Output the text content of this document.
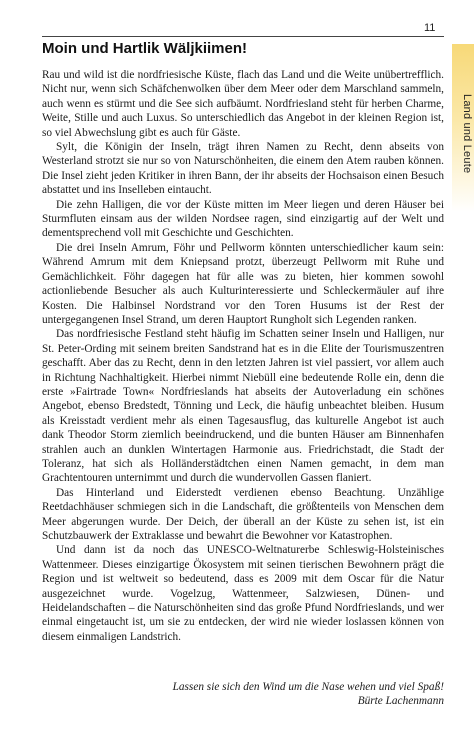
11
Land und Leute
Moin und Hartlik Wäljkiimen!

Rau und wild ist die nordfriesische Küste, flach das Land und die Weite unübertrefflich. Nicht nur, wenn sich Schäfchenwolken über dem Meer oder dem Marschland sammeln, auch wenn es stürmt und die See sich aufbäumt. Nordfriesland steht für herben Charme, Weite, Stille und auch Luxus. So unterschiedlich das Angebot in der kleinen Region ist, so viel Abwechslung gibt es auch für Gäste.

Sylt, die Königin der Inseln, trägt ihren Namen zu Recht, denn abseits von Westerland strotzt sie nur so von Naturschönheiten, die einem den Atem rauben können. Die Insel zieht jeden Kritiker in ihren Bann, der ihr abseits der Hochsaison einen Besuch abstattet und ins Inselleben eintaucht.

Die zehn Halligen, die vor der Küste mitten im Meer liegen und deren Häuser bei Sturmfluten einsam aus der wilden Nordsee ragen, sind einzigartig auf der Welt und dementsprechend voll mit Geschichte und Geschichten.

Die drei Inseln Amrum, Föhr und Pellworm könnten unterschiedlicher kaum sein: Während Amrum mit dem Kniepsand protzt, überzeugt Pellworm mit Ruhe und Gemächlichkeit. Föhr dagegen hat für alle was zu bieten, hier kommen sowohl actionliebende Besucher als auch Kulturinteressierte und Schleckermäuler auf ihre Kosten. Die Halbinsel Nordstrand vor den Toren Husums ist der Rest der untergegangenen Insel Strand, um deren Hauptort Rungholt sich Legenden ranken.

Das nordfriesische Festland steht häufig im Schatten seiner Inseln und Halligen, nur St. Peter-Ording mit seinem breiten Sandstrand hat es in die Elite der Tourismuszentren geschafft. Aber das zu Recht, denn in den letzten Jahren ist viel passiert, vor allem auch in Richtung Nachhaltigkeit. Hierbei nimmt Niebüll eine bedeutende Rolle ein, denn die erste »Fairtrade Town« Nordfrieslands hat abseits der Autoverladung ein schönes Angebot, ebenso Bredstedt, Tönning und Leck, die häufig unbeachtet bleiben. Husum als Kreisstadt verdient mehr als einen Tagesausflug, das kulturelle Angebot ist auch dank Theodor Storm ziemlich beeindruckend, und die bunten Häuser am Binnenhafen strahlen auch an dunklen Wintertagen Harmonie aus. Friedrichstadt, die Stadt der Toleranz, hat sich als Holländerstädtchen einen Namen gemacht, in dem man Grachtentouren unternimmt und durch die wundervollen Gassen flaniert.

Das Hinterland und Eiderstedt verdienen ebenso Beachtung. Unzählige Reetdachhäuser schmiegen sich in die Landschaft, die größtenteils von Menschen dem Meer abgerungen wurde. Der Deich, der überall an der Küste zu sehen ist, ist ein Schutzbauwerk der Extraklasse und bewahrt die Bewohner vor Katastrophen.

Und dann ist da noch das UNESCO-Weltnaturerbe Schleswig-Holsteinisches Wattenmeer. Dieses einzigartige Ökosystem mit seinen tierischen Bewohnern prägt die Region und ist weltweit so bedeutend, dass es 2009 mit dem Oscar für die Natur ausgezeichnet wurde. Vogelzug, Wattenmeer, Salzwiesen, Dünen- und Heidelandschaften – die Naturschönheiten sind das große Pfund Nordfrieslands, und wer einmal eingetaucht ist, um sie zu entdecken, der wird nie wieder loslassen können von diesem einmaligen Landstrich.

Lassen sie sich den Wind um die Nase wehen und viel Spaß!
Bürte Lachenmann
